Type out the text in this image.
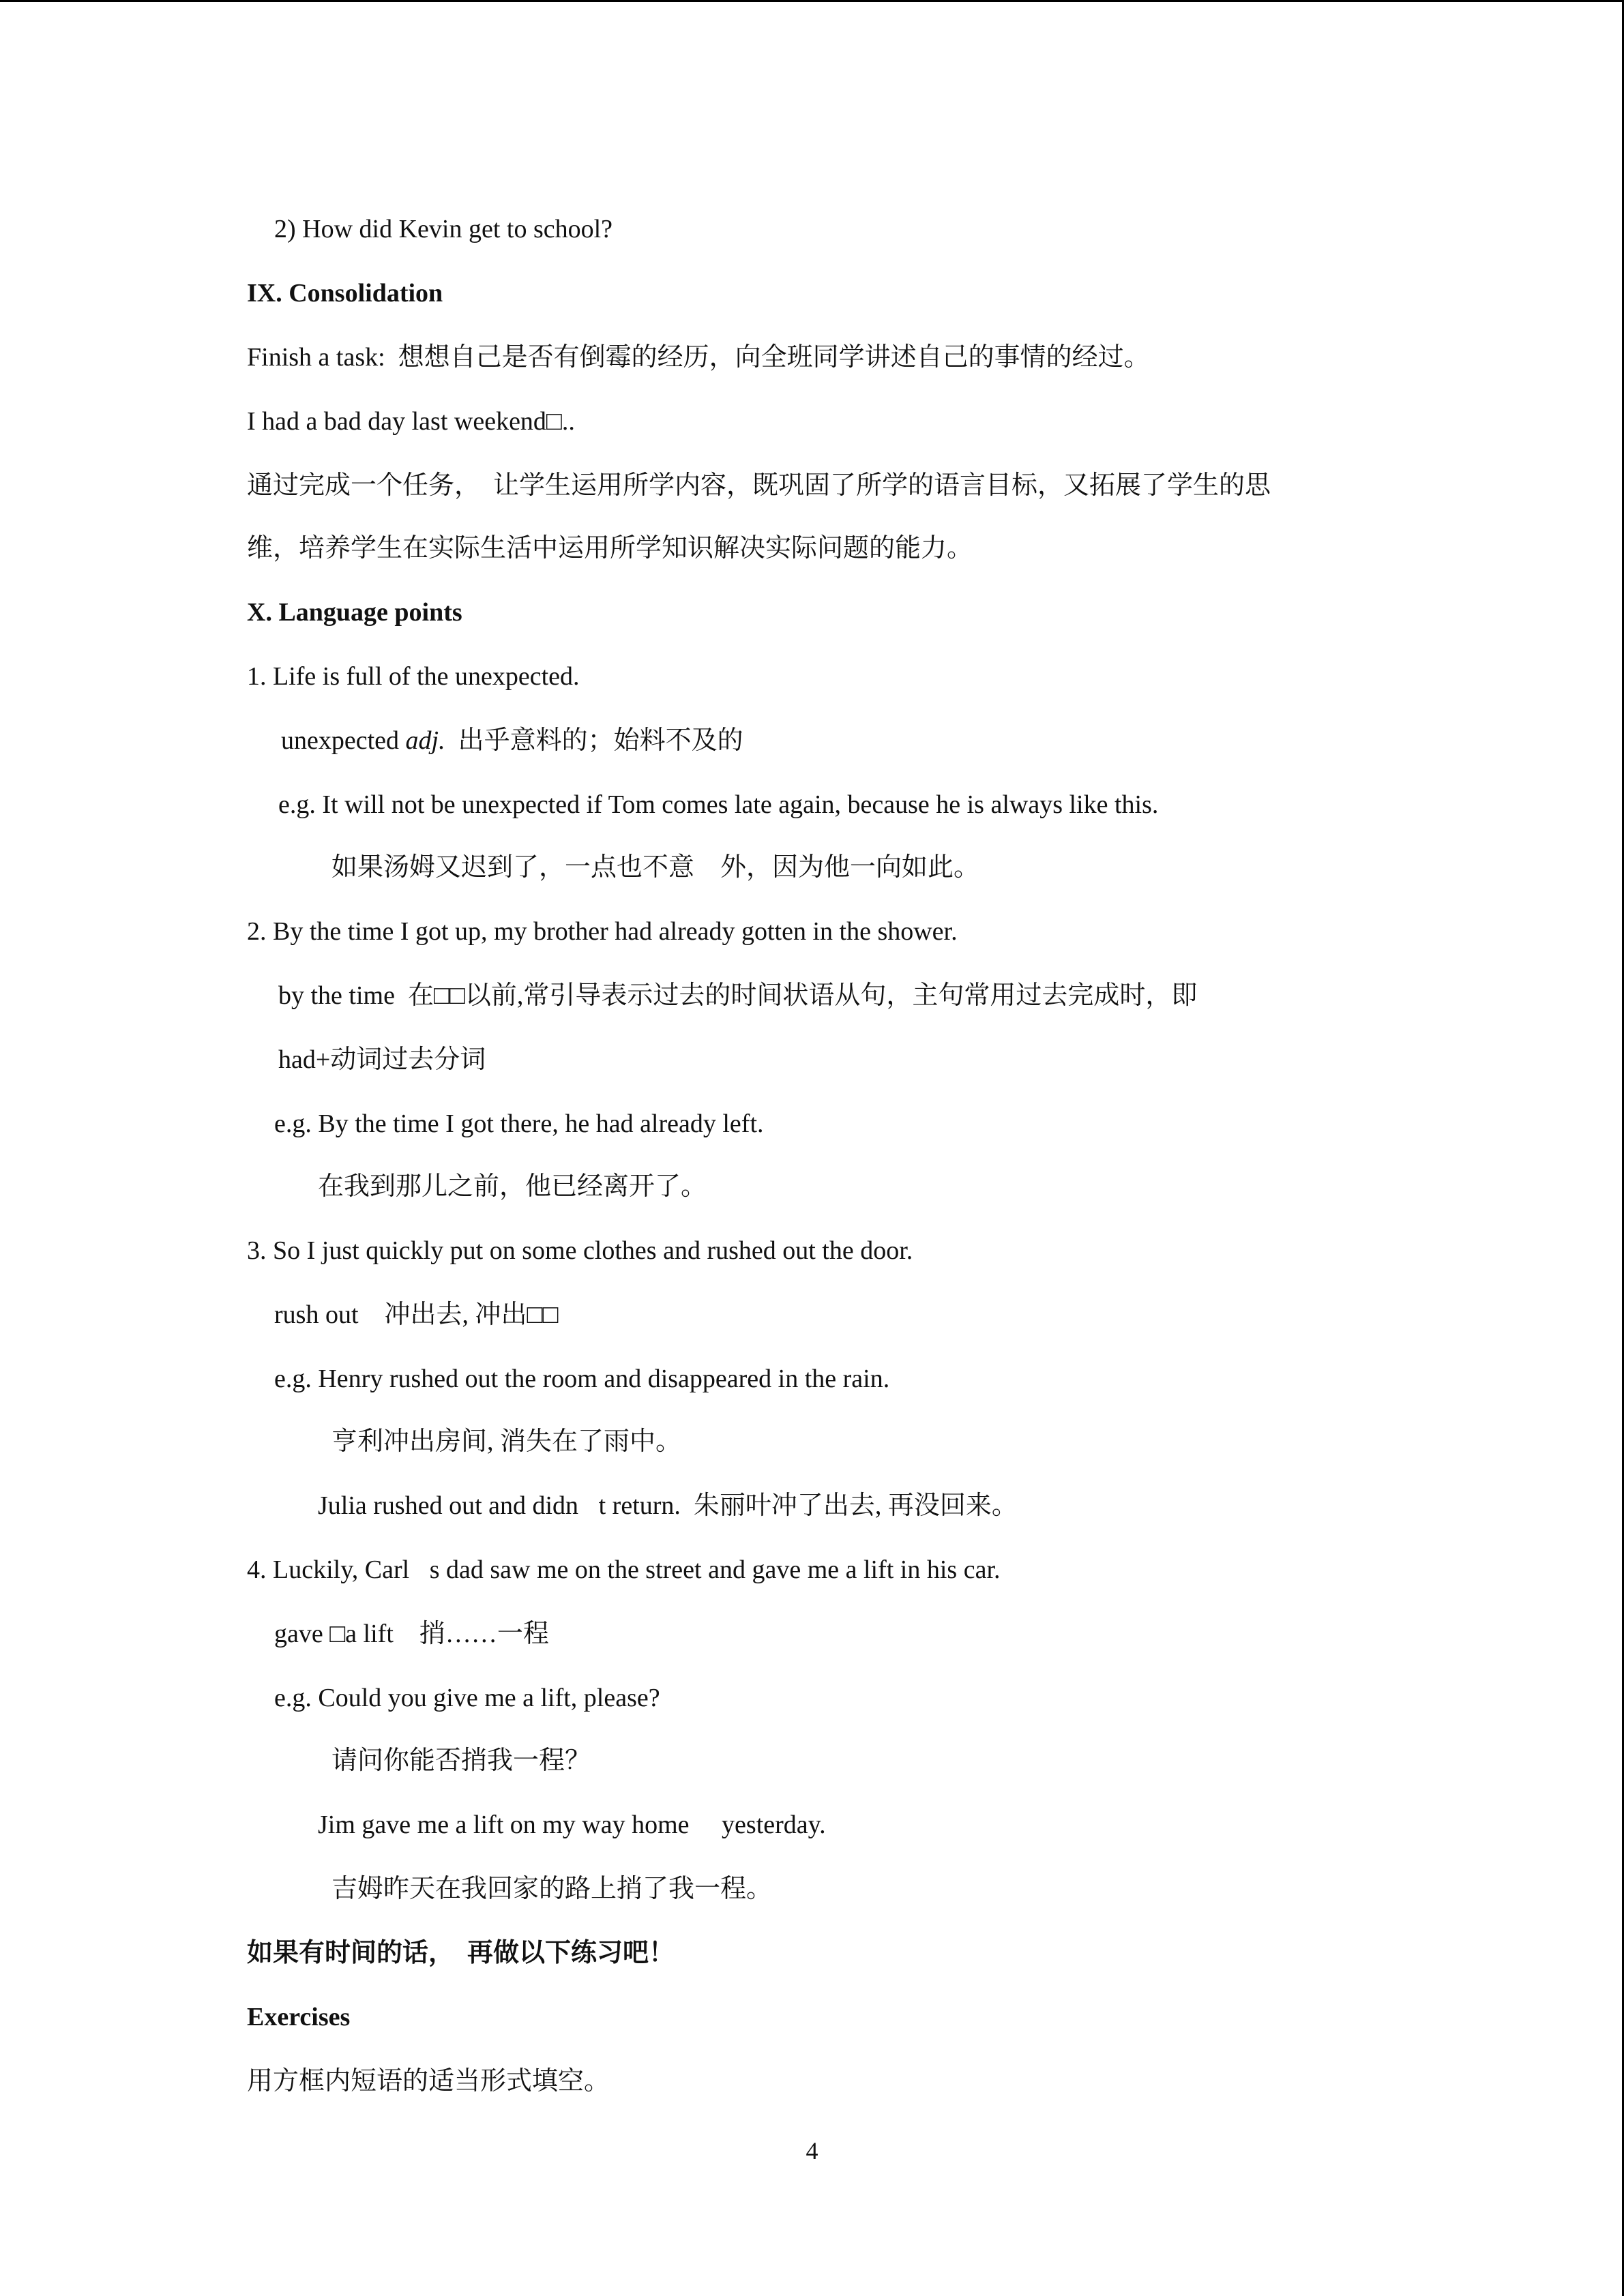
2) How did Kevin get to school?
IX. Consolidation
Finish a task:  想想自己是否有倒霉的经历，向全班同学讲述自己的事情的经过。
I had a bad day last weekend□..
通过完成一个任务，  让学生运用所学内容，既巩固了所学的语言目标，又拓展了学生的思
维，培养学生在实际生活中运用所学知识解决实际问题的能力。
X. Language points
1. Life is full of the unexpected.
unexpected adj.  出乎意料的；始料不及的
e.g. It will not be unexpected if Tom comes late again, because he is always like this.
如果汤姆又迟到了，一点也不意    外，因为他一向如此。
2. By the time I got up, my brother had already gotten in the shower.
by the time  在□□以前,常引导表示过去的时间状语从句，主句常用过去完成时，即
had+动词过去分词
e.g. By the time I got there, he had already left.
在我到那儿之前，他已经离开了。
3. So I just quickly put on some clothes and rushed out the door.
rush out    冲出去, 冲出□□
e.g. Henry rushed out the room and disappeared in the rain.
亨利冲出房间, 消失在了雨中。
Julia rushed out and didn t return.  朱丽叶冲了出去, 再没回来。
4. Luckily, Carl s dad saw me on the street and gave me a lift in his car.
gave □a lift    捎……一程
e.g. Could you give me a lift, please?
请问你能否捎我一程？
Jim gave me a lift on my way home     yesterday.
吉姆昨天在我回家的路上捎了我一程。
如果有时间的话，  再做以下练习吧！
Exercises
用方框内短语的适当形式填空。
4
